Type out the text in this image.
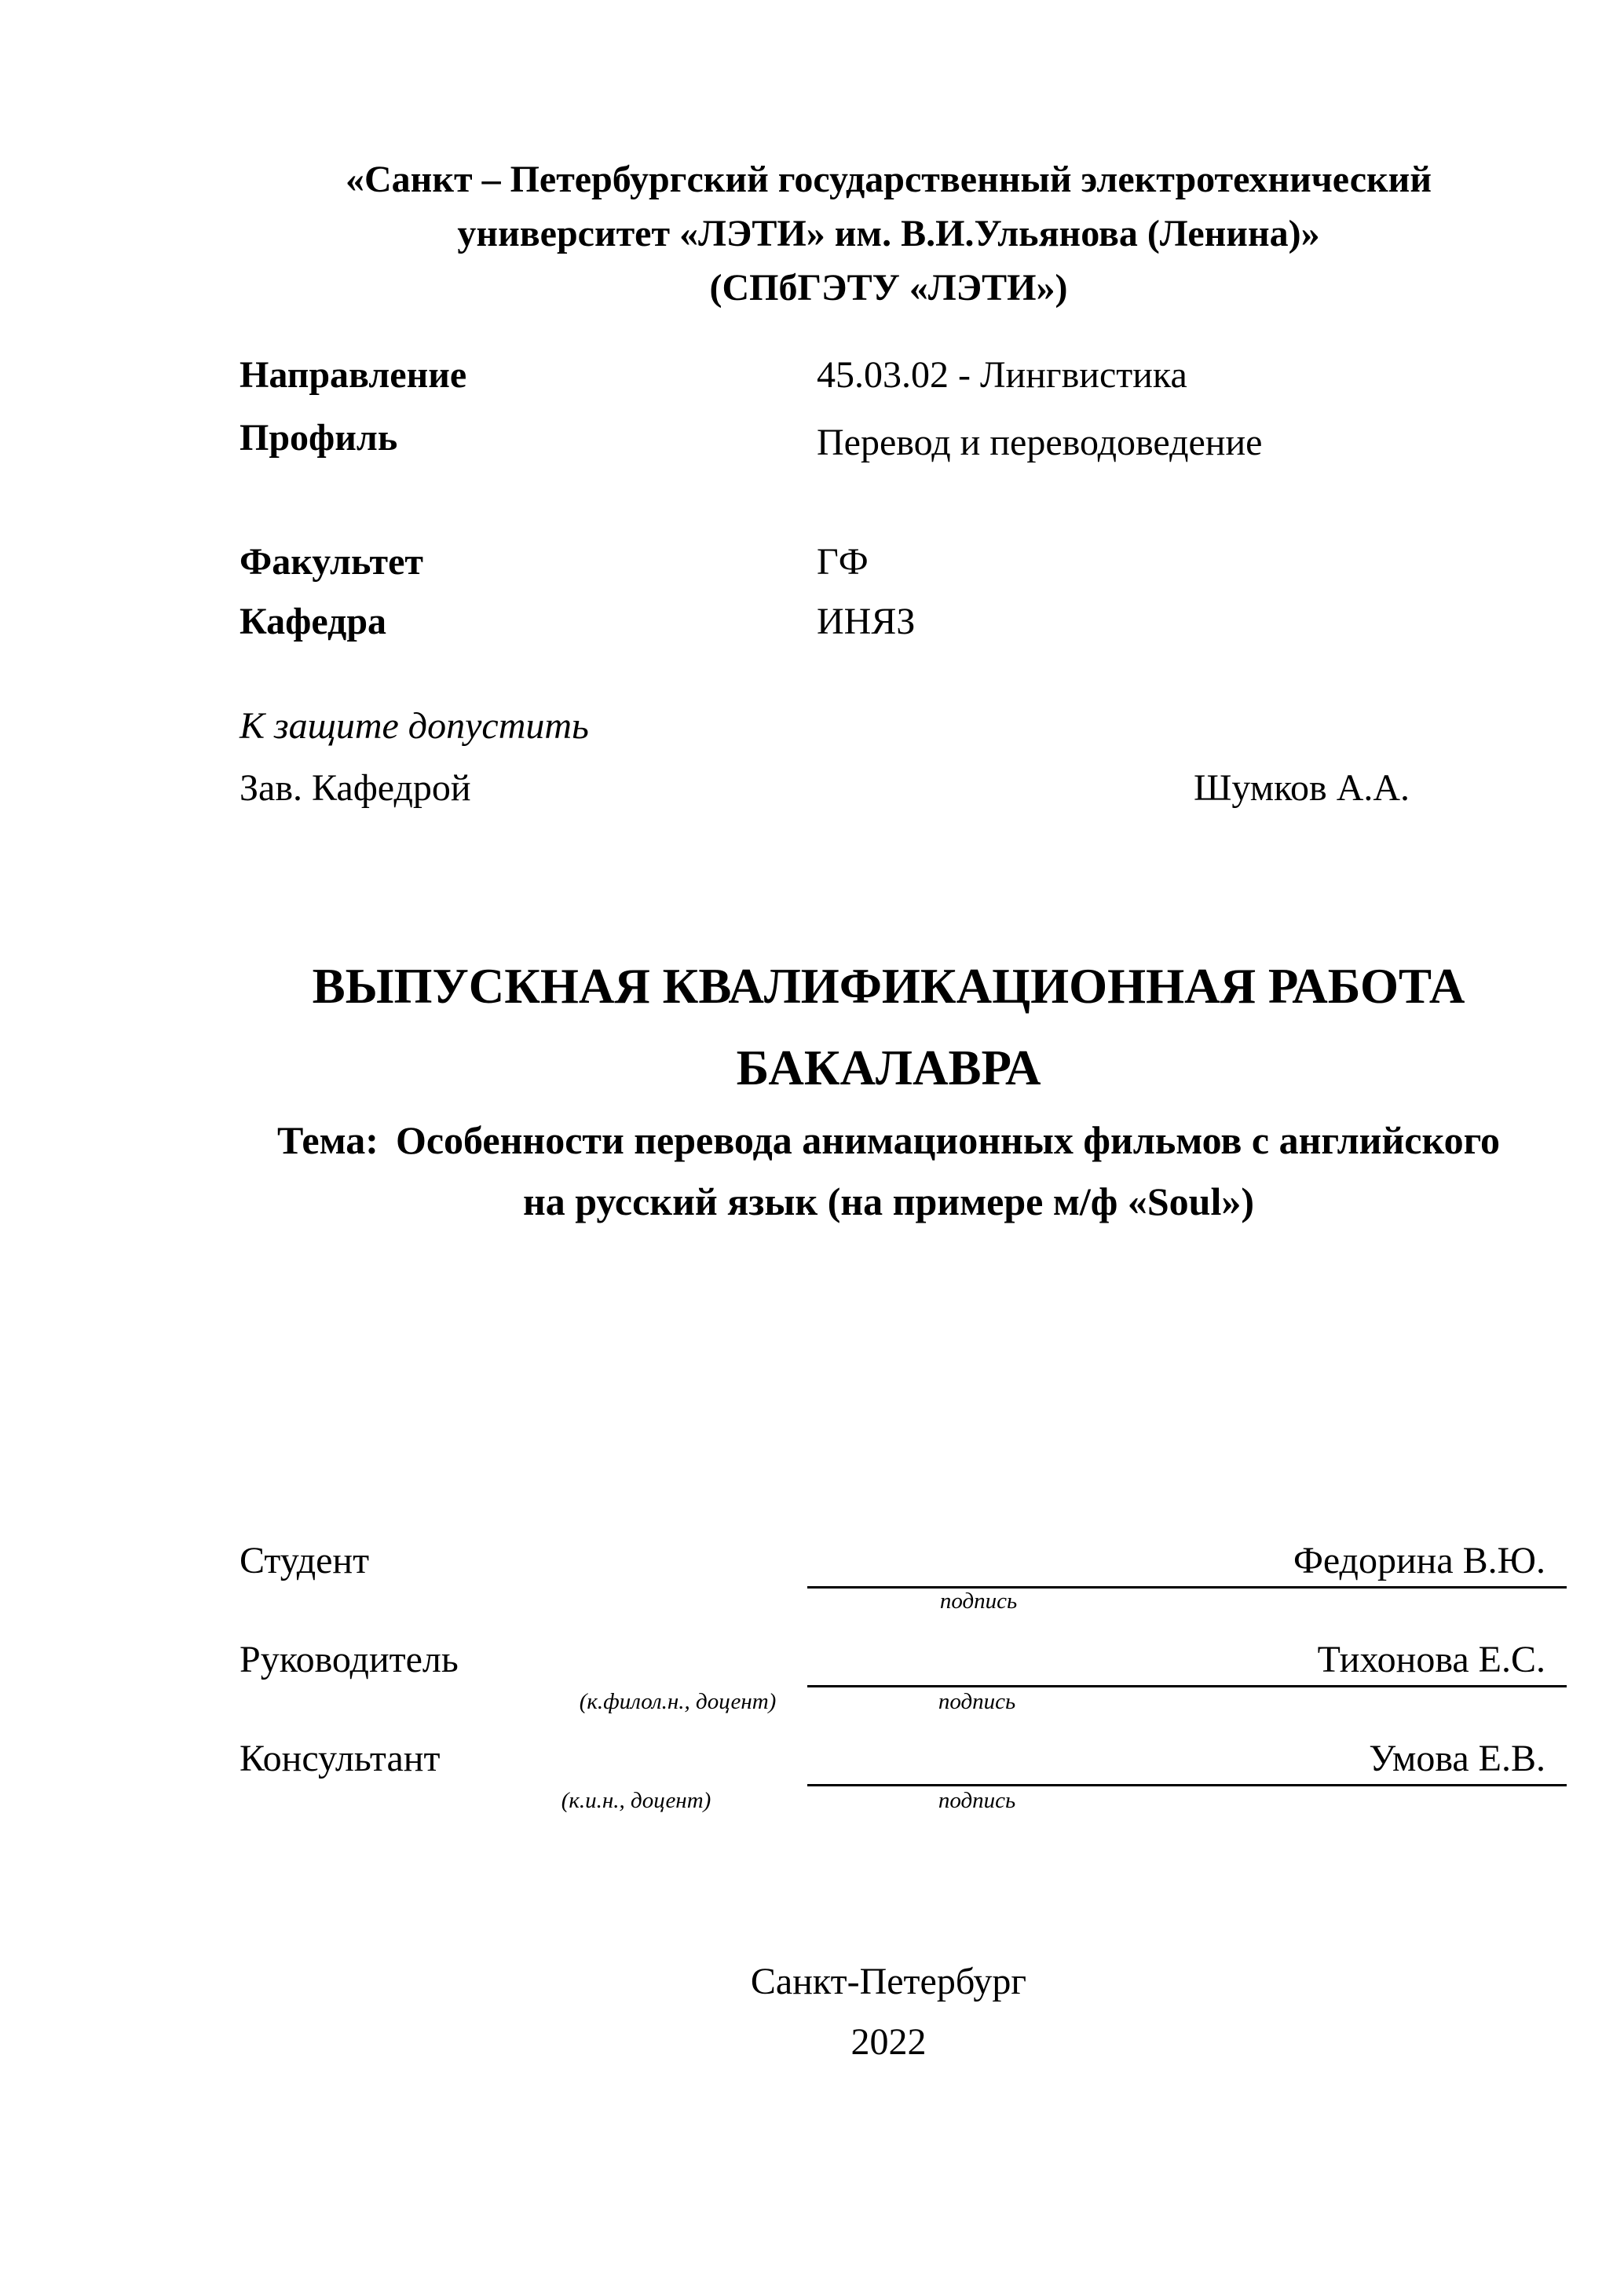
«Санкт – Петербургский государственный электротехнический
университет «ЛЭТИ» им. В.И.Ульянова (Ленина)»
(СПбГЭТУ «ЛЭТИ»)
Направление	45.03.02 - Лингвистика
Профиль	Перевод и переводоведение
Факультет	ГФ
Кафедра	ИНЯЗ
К защите допустить
Зав. Кафедрой	Шумков А.А.
ВЫПУСКНАЯ КВАЛИФИКАЦИОННАЯ РАБОТА
БАКАЛАВРА
Тема: Особенности перевода анимационных фильмов с английского
на русский язык (на примере м/ф «Soul»)
Студент	Федорина В.Ю.
подпись
Руководитель	Тихонова Е.С.
(к.филол.н., доцент)	подпись
Консультант	Умова Е.В.
(к.и.н., доцент)	подпись
Санкт-Петербург
2022
